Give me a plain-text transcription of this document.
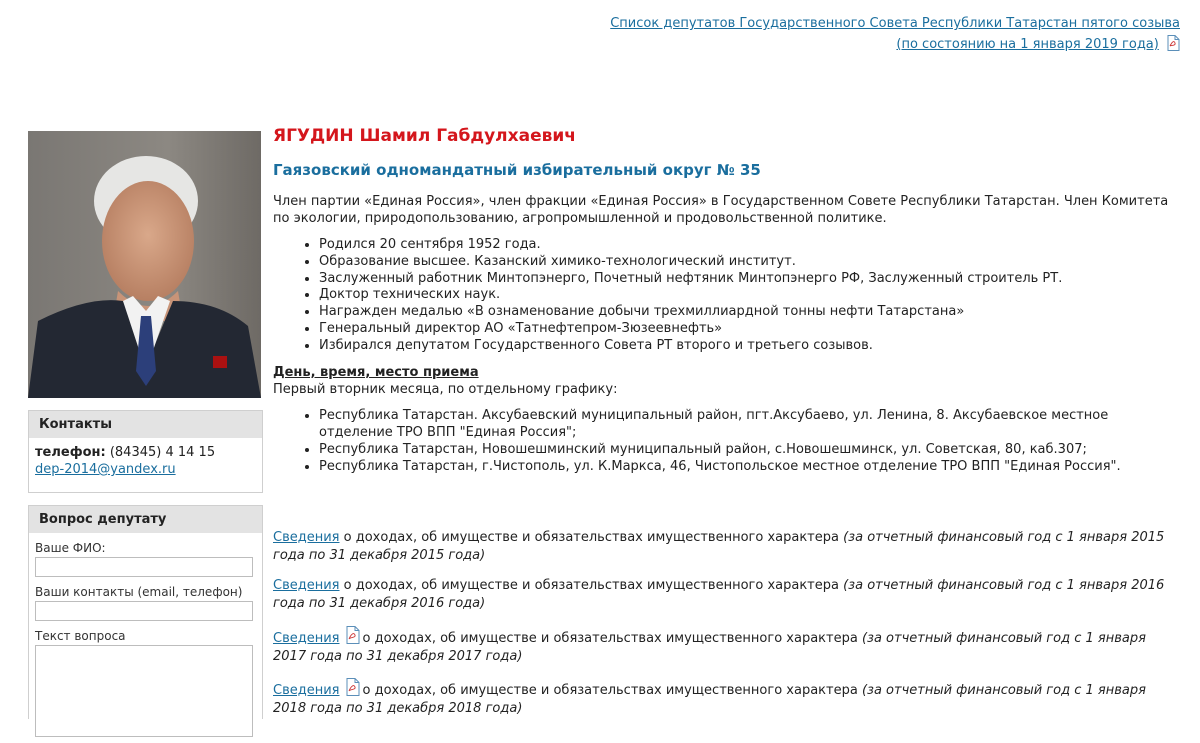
Список депутатов Государственного Совета Республики Татарстан пятого созыва
(по состоянию на 1 января 2019 года)
Контакты
телефон: (84345) 4 14 15
dep-2014@yandex.ru
Вопрос депутату
Ваше ФИО:
Ваши контакты (email, телефон)
Текст вопроса
ЯГУДИН Шамил Габдулхаевич
Гаязовский одномандатный избирательный округ № 35
Член партии «Единая Россия», член фракции «Единая Россия» в Государственном Совете Республики Татарстан. Член Комитета по экологии, природопользованию, агропромышленной и продовольственной политике.
• Родился 20 сентября 1952 года.
• Образование высшее. Казанский химико-технологический институт.
• Заслуженный работник Минтопэнерго, Почетный нефтяник Минтопэнерго РФ, Заслуженный строитель РТ.
• Доктор технических наук.
• Награжден медалью «В ознаменование добычи трехмиллиардной тонны нефти Татарстана»
• Генеральный директор АО «Татнефтепром-Зюзеевнефть»
• Избирался депутатом Государственного Совета РТ второго и третьего созывов.
День, время, место приема
Первый вторник месяца, по отдельному графику:
• Республика Татарстан. Аксубаевский муниципальный район, пгт.Аксубаево, ул. Ленина, 8. Аксубаевское местное отделение ТРО ВПП "Единая Россия";
• Республика Татарстан, Новошешминский муниципальный район, с.Новошешминск, ул. Советская, 80, каб.307;
• Республика Татарстан, г.Чистополь, ул. К.Маркса, 46, Чистопольское местное отделение ТРО ВПП "Единая Россия".
Сведения о доходах, об имуществе и обязательствах имущественного характера (за отчетный финансовый год с 1 января 2015 года по 31 декабря 2015 года)
Сведения о доходах, об имуществе и обязательствах имущественного характера (за отчетный финансовый год с 1 января 2016 года по 31 декабря 2016 года)
Сведения о доходах, об имуществе и обязательствах имущественного характера (за отчетный финансовый год с 1 января 2017 года по 31 декабря 2017 года)
Сведения о доходах, об имуществе и обязательствах имущественного характера (за отчетный финансовый год с 1 января 2018 года по 31 декабря 2018 года)
